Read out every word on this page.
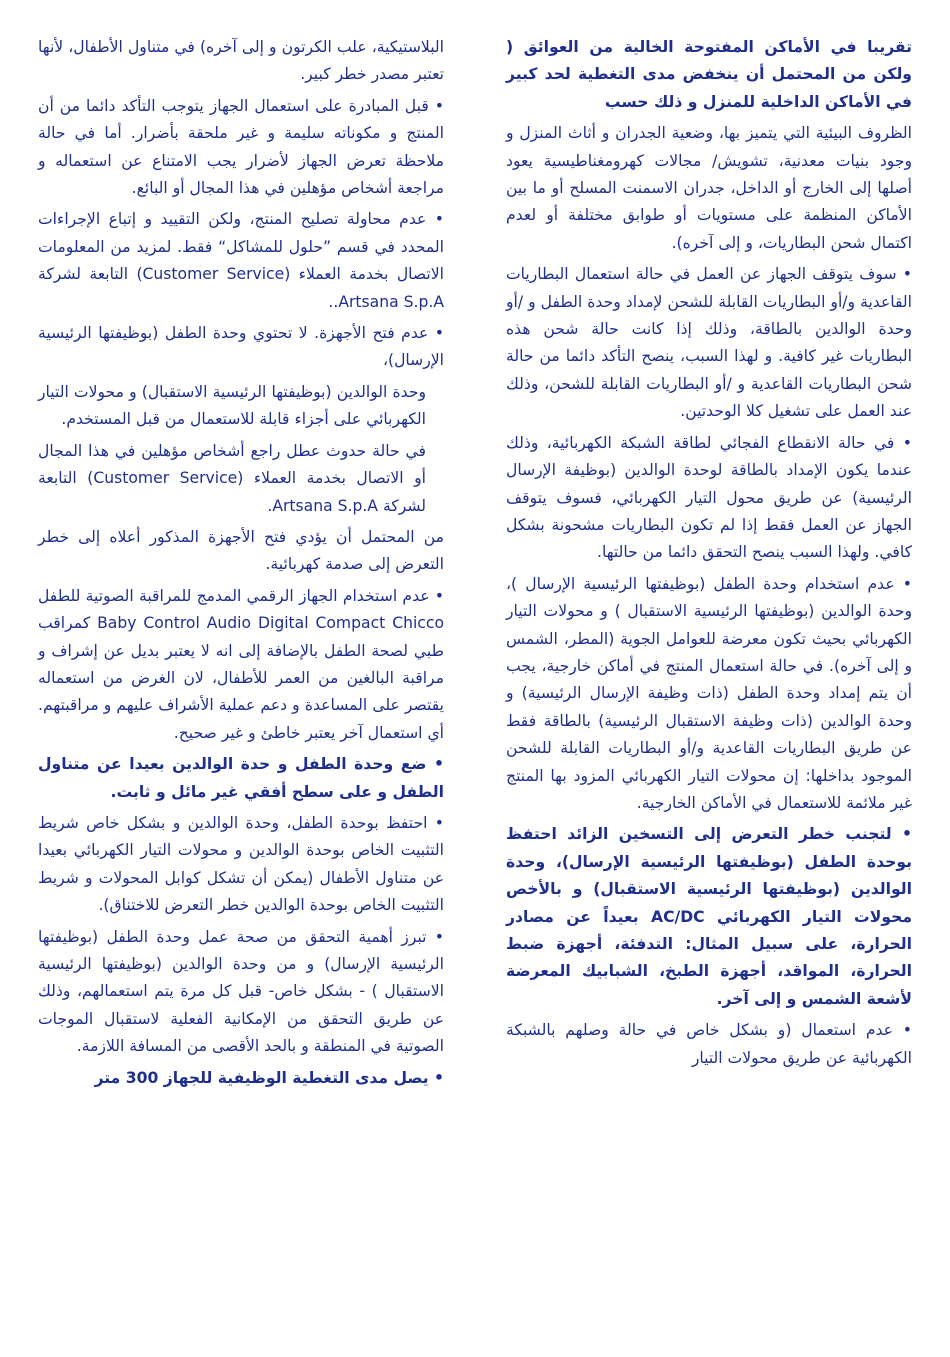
تقريبا في الأماكن المفتوحة الخالية من العوائق ( ولكن من المحتمل أن ينخفض مدى التغطية لحد كبير في الأماكن الداخلية للمنزل و ذلك حسب

الظروف البيئية التي يتميز بها، وضعية الجدران و أثاث المنزل و وجود بنيات معدنية، تشويش/ مجالات كهرومغناطيسية يعود أصلها إلى الخارج أو الداخل، جدران الاسمنت المسلح أو ما بين الأماكن المنظمة على مستويات أو طوابق مختلفة أو لعدم اكتمال شحن البطاريات، و إلى آخره).

• سوف يتوقف الجهاز عن العمل في حالة استعمال البطاريات القاعدية و/أو البطاريات القابلة للشحن لإمداد وحدة الطفل و /أو وحدة الوالدين بالطاقة، وذلك إذا كانت حالة شحن هذه البطاريات غير كافية. و لهذا السبب، ينصح التأكد دائما من حالة شحن البطاريات القاعدية و /أو البطاريات القابلة للشحن، وذلك عند العمل على تشغيل كلا الوحدتين.

• في حالة الانقطاع الفجائي لطاقة الشبكة الكهربائية، وذلك عندما يكون الإمداد بالطاقة لوحدة الوالدين (بوظيفة الإرسال الرئيسية) عن طريق محول التيار الكهربائي، فسوف يتوقف الجهاز عن العمل فقط إذا لم تكون البطاريات مشحونة بشكل كافي. ولهذا السبب ينصح التحقق دائما من حالتها.

• عدم استخدام وحدة الطفل (بوظيفتها الرئيسية الإرسال )، وحدة الوالدين (بوظيفتها الرئيسية الاستقبال ) و محولات التيار الكهربائي بحيث تكون معرضة للعوامل الجوية (المطر، الشمس و إلى آخره). في حالة استعمال المنتج في أماكن خارجية، يجب أن يتم إمداد وحدة الطفل (ذات وظيفة الإرسال الرئيسية) و وحدة الوالدين (ذات وظيفة الاستقبال الرئيسية) بالطاقة فقط عن طريق البطاريات القاعدية و/أو البطاريات القابلة للشحن الموجود بداخلها: إن محولات التيار الكهربائي المزود بها المنتج غير ملائمة للاستعمال في الأماكن الخارجية.

• لتجنب خطر التعرض إلى التسخين الزائد احتفظ بوحدة الطفل (بوظيفتها الرئيسية الإرسال)، وحدة الوالدين (بوظيفتها الرئيسية الاستقبال) و بالأخص محولات التيار الكهربائي AC/DC بعيداً عن مصادر الحرارة، على سبيل المثال: التدفئة، أجهزة ضبط الحرارة، المواقد، أجهزة الطبخ، الشبابيك المعرضة لأشعة الشمس و إلى آخر.

• عدم استعمال (و بشكل خاص في حالة وصلهم بالشبكة الكهربائية عن طريق محولات التيار

البلاستيكية، علب الكرتون و إلى آخره) في متناول الأطفال، لأنها تعتبر مصدر خطر كبير.

• قبل المبادرة على استعمال الجهاز يتوجب التأكد دائما من أن المنتج و مكوناته سليمة و غير ملحقة بأضرار. أما في حالة ملاحظة تعرض الجهاز لأضرار يجب الامتناع عن استعماله و مراجعة أشخاص مؤهلين في هذا المجال أو البائع.

• عدم محاولة تصليح المنتج، ولكن التقييد و إتباع الإجراءات المحدد في قسم ”حلول للمشاكل“ فقط. لمزيد من المعلومات الاتصال بخدمة العملاء (Customer Service) التابعة لشركة Artsana S.p.A..

• عدم فتح الأجهزة. لا تحتوي وحدة الطفل (بوظيفتها الرئيسية الإرسال)،

وحدة الوالدين (بوظيفتها الرئيسية الاستقبال) و محولات التيار الكهربائي على أجزاء قابلة للاستعمال من قبل المستخدم.

في حالة حدوث عطل راجع أشخاص مؤهلين في هذا المجال أو الاتصال بخدمة العملاء (Customer Service) التابعة لشركة Artsana S.p.A.

من المحتمل أن يؤدي فتح الأجهزة المذكور أعلاه إلى خطر التعرض إلى صدمة كهربائية.

• عدم استخدام الجهاز الرقمي المدمج للمراقبة الصوتية للطفل Baby Control Audio Digital Compact Chicco كمراقب طبي لصحة الطفل بالإضافة إلى انه لا يعتبر بديل عن إشراف و مراقبة البالغين من العمر للأطفال، لان الغرض من استعماله يقتصر على المساعدة و دعم عملية الأشراف عليهم و مراقبتهم. أي استعمال آخر يعتبر خاطئ و غير صحيح.

• ضع وحدة الطفل و حدة الوالدين بعيدا عن متناول الطفل و على سطح أفقي غير مائل و ثابت.

• احتفظ بوحدة الطفل، وحدة الوالدين و بشكل خاص شريط التثبيت الخاص بوحدة الوالدين و محولات التيار الكهربائي بعيدا عن متناول الأطفال (يمكن أن تشكل كوابل المحولات و شريط التثبيت الخاص بوحدة الوالدين خطر التعرض للاختناق).

• تبرز أهمية التحقق من صحة عمل وحدة الطفل (بوظيفتها الرئيسية الإرسال) و من وحدة الوالدين (بوظيفتها الرئيسية الاستقبال ) - بشكل خاص- قبل كل مرة يتم استعمالهم، وذلك عن طريق التحقق من الإمكانية الفعلية لاستقبال الموجات الصوتية في المنطقة و بالحد الأقصى من المسافة اللازمة.

• يصل مدى التغطية الوظيفية للجهاز 300 متر
